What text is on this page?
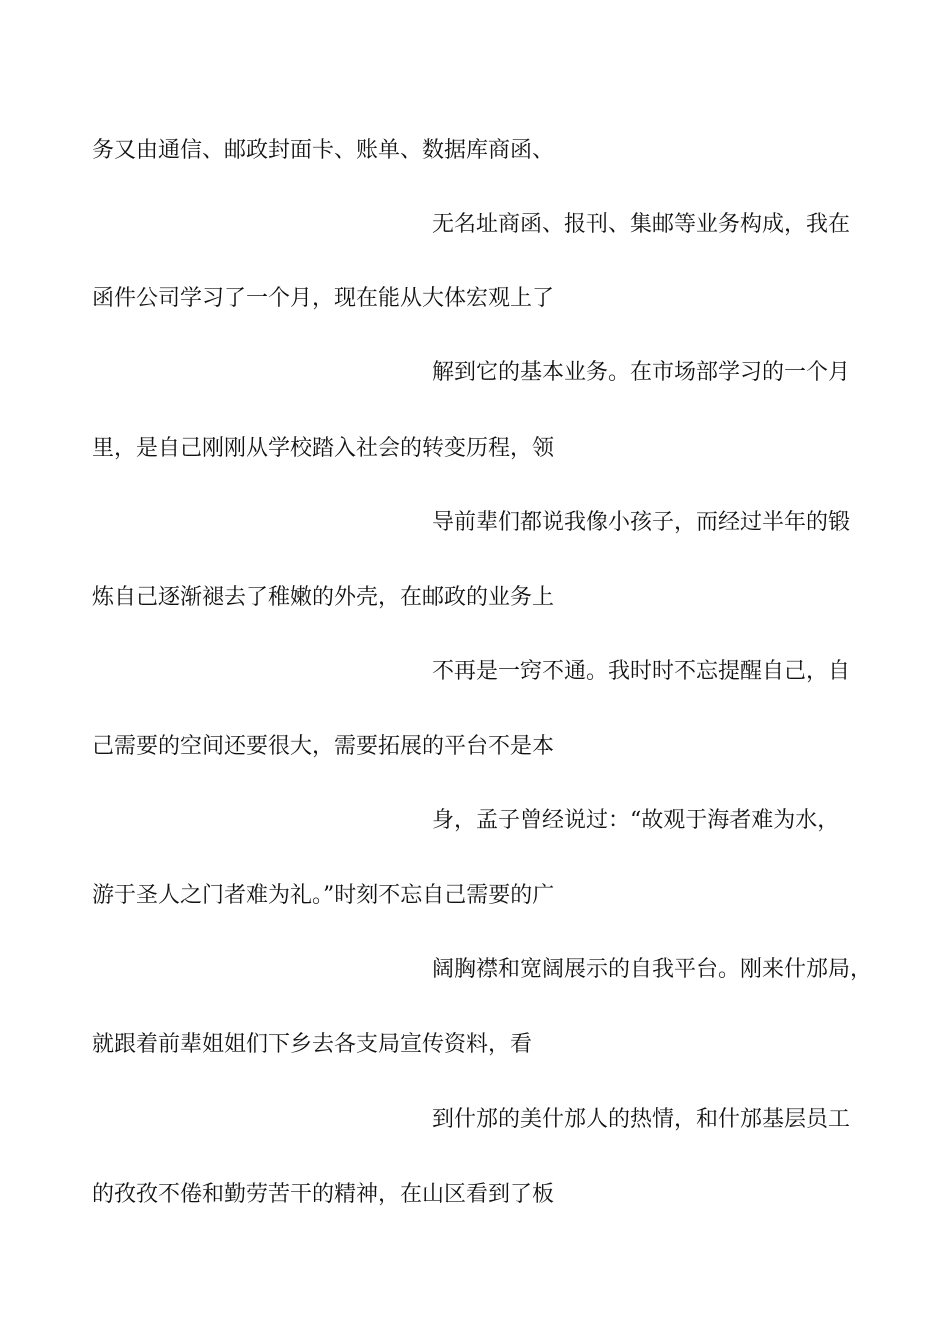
务又由通信、邮政封面卡、账单、数据库商函、

无名址商函、报刊、集邮等业务构成，我在

函件公司学习了一个月，现在能从大体宏观上了

解到它的基本业务。在市场部学习的一个月

里，是自己刚刚从学校踏入社会的转变历程，领

导前辈们都说我像小孩子，而经过半年的锻

炼自己逐渐褪去了稚嫩的外壳，在邮政的业务上

不再是一窍不通。我时时不忘提醒自己，自

己需要的空间还要很大，需要拓展的平台不是本

身，孟子曾经说过：“故观于海者难为水，

游于圣人之门者难为礼。”时刻不忘自己需要的广

阔胸襟和宽阔展示的自我平台。刚来什邡局，

就跟着前辈姐姐们下乡去各支局宣传资料，看

到什邡的美什邡人的热情，和什邡基层员工

的孜孜不倦和勤劳苦干的精神，在山区看到了板
